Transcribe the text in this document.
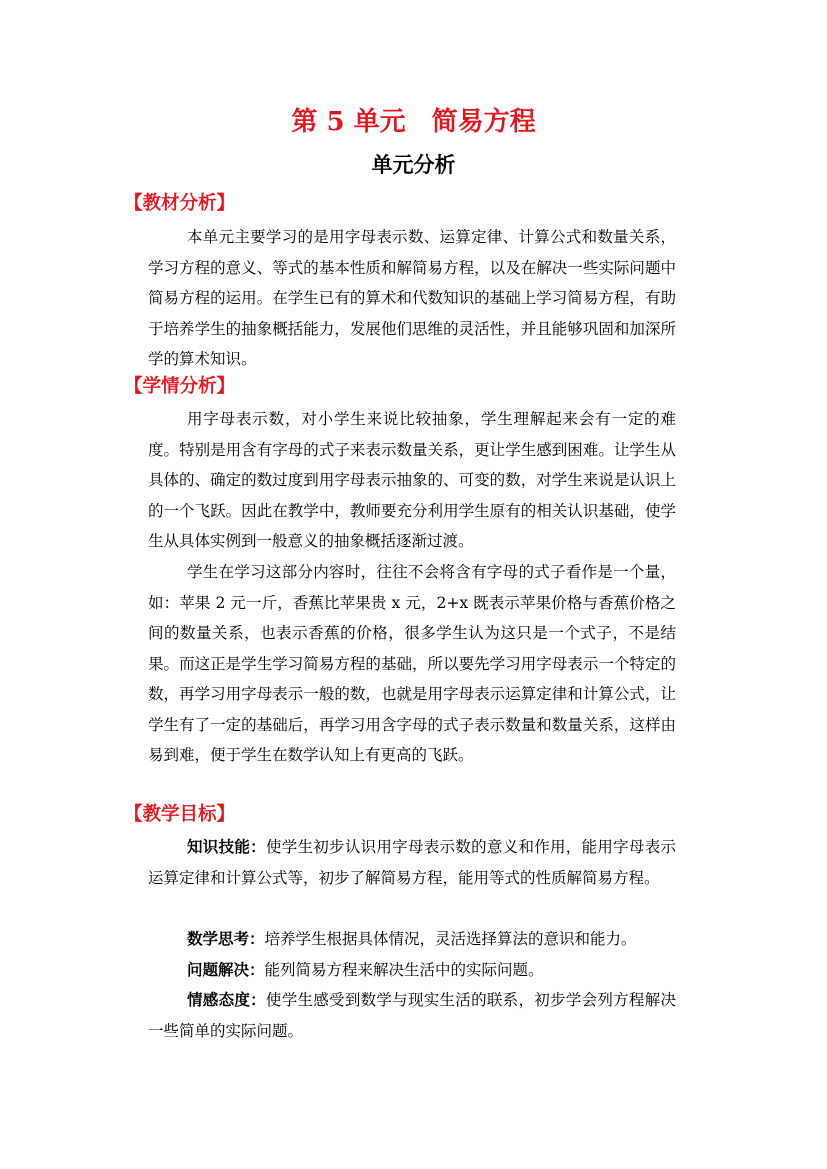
第 5 单元　简易方程
单元分析
【教材分析】

本单元主要学习的是用字母表示数、运算定律、计算公式和数量关系，学习方程的意义、等式的基本性质和解简易方程，以及在解决一些实际问题中简易方程的运用。在学生已有的算术和代数知识的基础上学习简易方程，有助于培养学生的抽象概括能力，发展他们思维的灵活性，并且能够巩固和加深所学的算术知识。

【学情分析】

用字母表示数，对小学生来说比较抽象，学生理解起来会有一定的难度。特别是用含有字母的式子来表示数量关系，更让学生感到困难。让学生从具体的、确定的数过度到用字母表示抽象的、可变的数，对学生来说是认识上的一个飞跃。因此在教学中，教师要充分利用学生原有的相关认识基础，使学生从具体实例到一般意义的抽象概括逐渐过渡。

学生在学习这部分内容时，往往不会将含有字母的式子看作是一个量，如：苹果 2 元一斤，香蕉比苹果贵 x 元，2+x 既表示苹果价格与香蕉价格之间的数量关系，也表示香蕉的价格，很多学生认为这只是一个式子，不是结果。而这正是学生学习简易方程的基础，所以要先学习用字母表示一个特定的数，再学习用字母表示一般的数，也就是用字母表示运算定律和计算公式，让学生有了一定的基础后，再学习用含字母的式子表示数量和数量关系，这样由易到难，便于学生在数学认知上有更高的飞跃。

【教学目标】

知识技能：使学生初步认识用字母表示数的意义和作用，能用字母表示运算定律和计算公式等，初步了解简易方程，能用等式的性质解简易方程。

数学思考：培养学生根据具体情况，灵活选择算法的意识和能力。

问题解决：能列简易方程来解决生活中的实际问题。

情感态度：使学生感受到数学与现实生活的联系，初步学会列方程解决一些简单的实际问题。
